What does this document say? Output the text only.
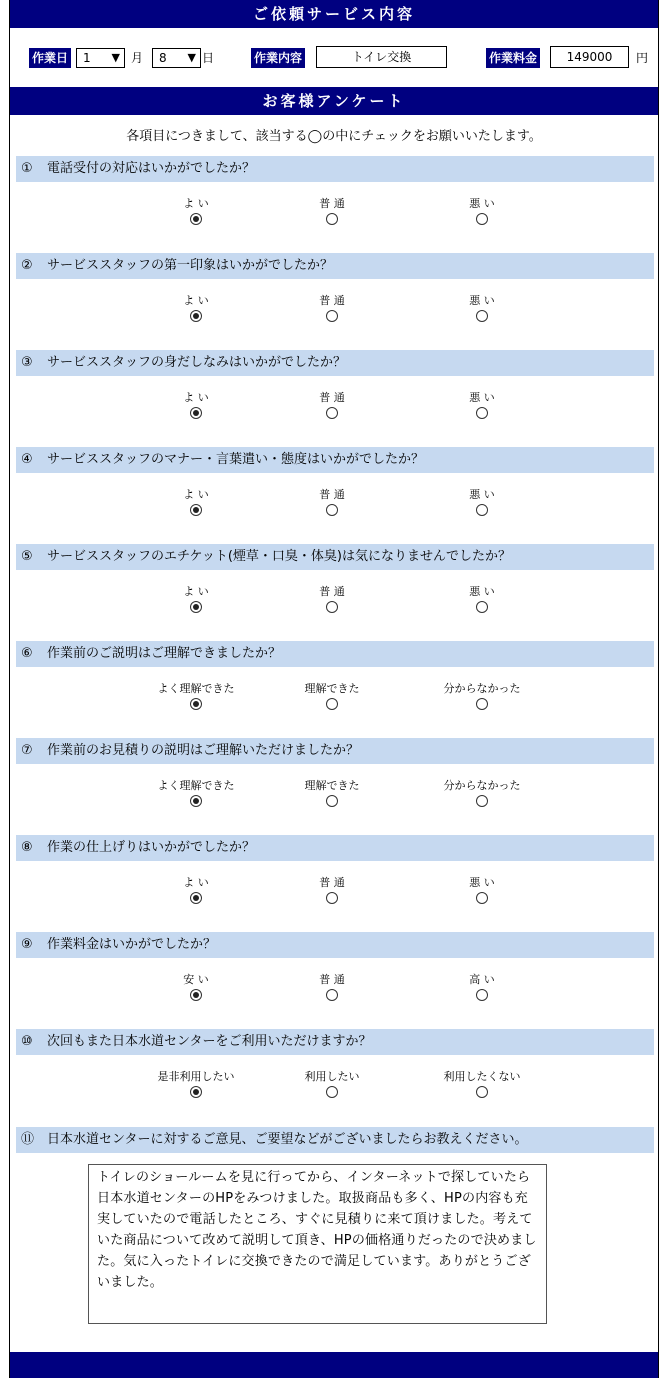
ご依頼サービス内容
作業日	1 ▼ 月	8 ▼ 日	作業内容	トイレ交換	作業料金	149000	円
お客様アンケート
各項目につきまして、該当する◯の中にチェックをお願いいたします。
① 電話受付の対応はいかがでしたか？
よ い	普 通	悪 い
② サービススタッフの第一印象はいかがでしたか？
よ い	普 通	悪 い
③ サービススタッフの身だしなみはいかがでしたか？
よ い	普 通	悪 い
④ サービススタッフのマナー・言葉遣い・態度はいかがでしたか？
よ い	普 通	悪 い
⑤ サービススタッフのエチケット(煙草・口臭・体臭)は気になりませんでしたか？
よ い	普 通	悪 い
⑥ 作業前のご説明はご理解できましたか？
よく理解できた	理解できた	分からなかった
⑦ 作業前のお見積りの説明はご理解いただけましたか？
よく理解できた	理解できた	分からなかった
⑧ 作業の仕上げりはいかがでしたか？
よ い	普 通	悪 い
⑨ 作業料金はいかがでしたか？
安 い	普 通	高 い
⑩ 次回もまた日本水道センターをご利用いただけますか？
是非利用したい	利用したい	利用したくない
⑪ 日本水道センターに対するご意見、ご要望などがございましたらお教えください。
トイレのショールームを見に行ってから、インターネットで探していたら日本水道センターのHPをみつけました。取扱商品も多く、HPの内容も充実していたので電話したところ、すぐに見積りに来て頂けました。考えていた商品について改めて説明して頂き、HPの価格通りだったので決めました。気に入ったトイレに交換できたので満足しています。ありがとうございました。
